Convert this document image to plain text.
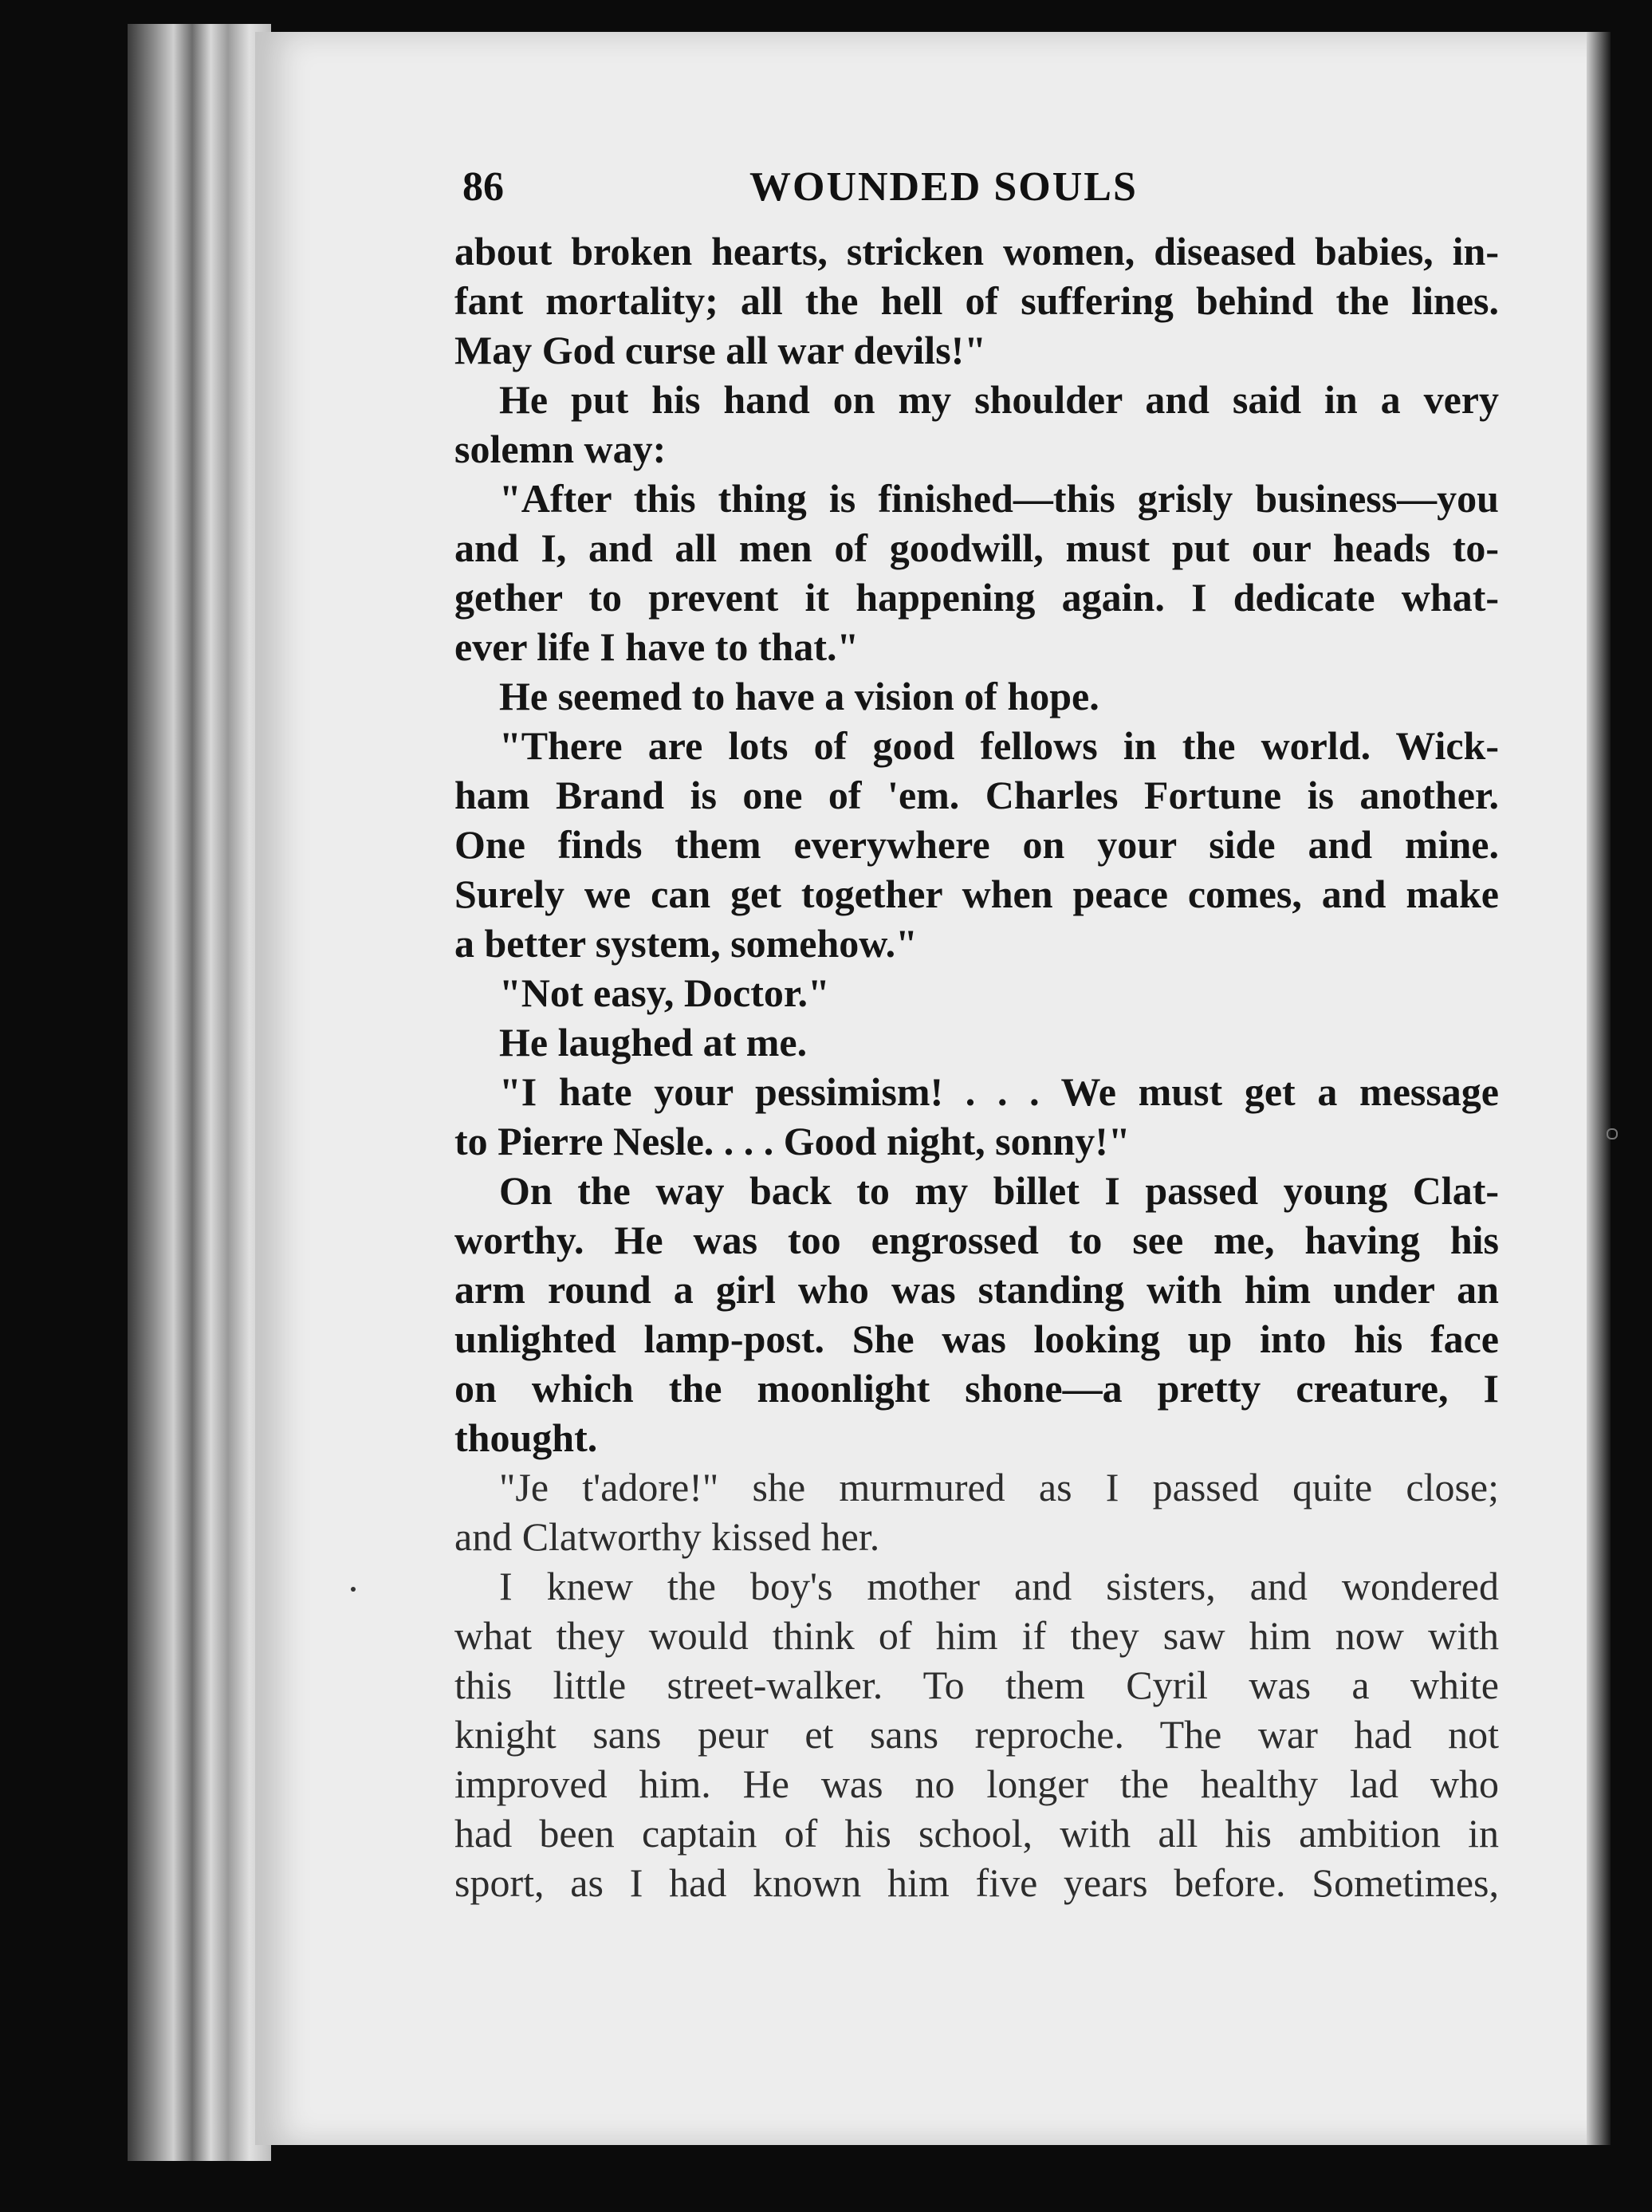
86	WOUNDED SOULS
about broken hearts, stricken women, diseased babies, in-
fant mortality; all the hell of suffering behind the lines.
May God curse all war devils!"
He put his hand on my shoulder and said in a very
solemn way:
"After this thing is finished—this grisly business—you
and I, and all men of goodwill, must put our heads to-
gether to prevent it happening again. I dedicate what-
ever life I have to that."
He seemed to have a vision of hope.
"There are lots of good fellows in the world. Wick-
ham Brand is one of 'em. Charles Fortune is another.
One finds them everywhere on your side and mine.
Surely we can get together when peace comes, and make
a better system, somehow."
"Not easy, Doctor."
He laughed at me.
"I hate your pessimism! . . . We must get a message
to Pierre Nesle. . . . Good night, sonny!"
On the way back to my billet I passed young Clat-
worthy. He was too engrossed to see me, having his
arm round a girl who was standing with him under an
unlighted lamp-post. She was looking up into his face
on which the moonlight shone—a pretty creature, I
thought.
"Je t'adore!" she murmured as I passed quite close;
and Clatworthy kissed her.
I knew the boy's mother and sisters, and wondered
what they would think of him if they saw him now with
this little street-walker. To them Cyril was a white
knight sans peur et sans reproche. The war had not
improved him. He was no longer the healthy lad who
had been captain of his school, with all his ambition in
sport, as I had known him five years before. Sometimes,
